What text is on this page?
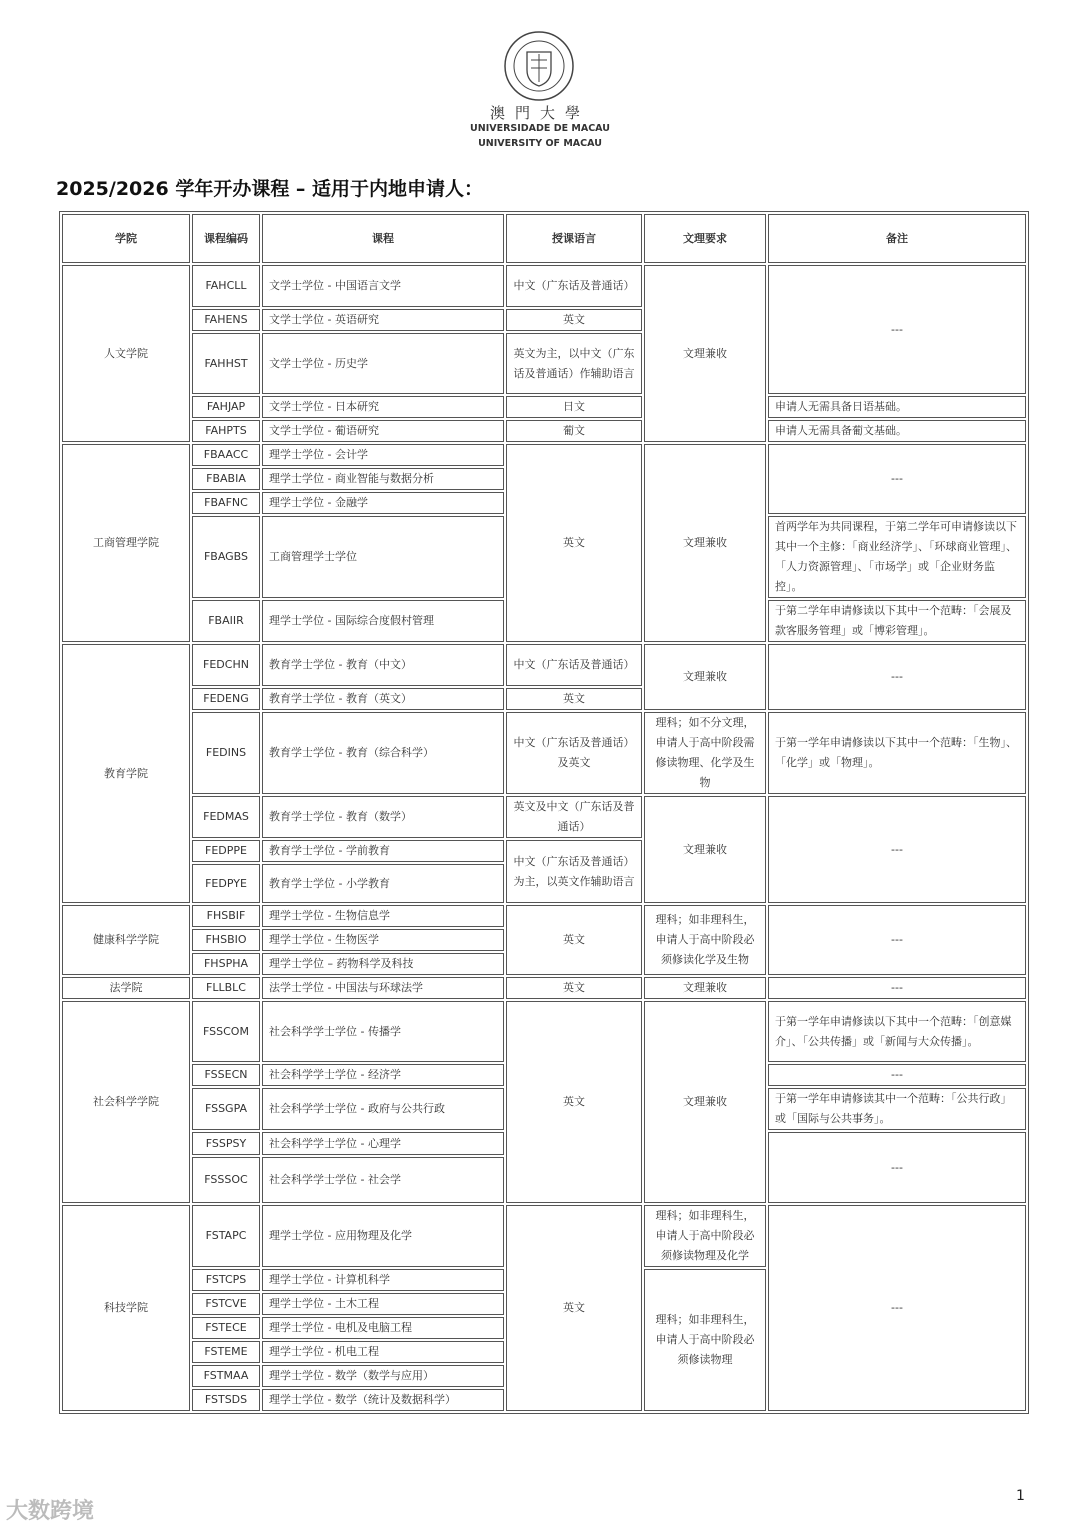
澳門大學
UNIVERSIDADE DE MACAU
UNIVERSITY OF MACAU
2025/2026 学年开办课程 – 适用于内地申请人：
学院	课程编码	课程	授课语言	文理要求	备注
人文学院	FAHCLL	文学士学位 - 中国语言文学	中文（广东话及普通话）	文理兼收	---
	FAHENS	文学士学位 - 英语研究	英文		
	FAHHST	文学士学位 - 历史学	英文为主，以中文（广东话及普通话）作辅助语言		
	FAHJAP	文学士学位 - 日本研究	日文		申请人无需具备日语基础。
	FAHPTS	文学士学位 - 葡语研究	葡文		申请人无需具备葡文基础。
工商管理学院	FBAACC	理学士学位 - 会计学	英文	文理兼收	---
	FBABIA	理学士学位 - 商业智能与数据分析			
	FBAFNC	理学士学位 - 金融学			
	FBAGBS	工商管理学士学位			首两学年为共同课程，于第二学年可申请修读以下其中一个主修：「商业经济学」、「环球商业管理」、「人力资源管理」、「市场学」或「企业财务监控」。
	FBAIIR	理学士学位 - 国际综合度假村管理			于第二学年申请修读以下其中一个范畴：「会展及款客服务管理」或「博彩管理」。
教育学院	FEDCHN	教育学士学位 - 教育（中文）	中文（广东话及普通话）	文理兼收	---
	FEDENG	教育学士学位 - 教育（英文）	英文		
	FEDINS	教育学士学位 - 教育（综合科学）	中文（广东话及普通话）及英文	理科；如不分文理，申请人于高中阶段需修读物理、化学及生物	于第一学年申请修读以下其中一个范畴：「生物」、「化学」或「物理」。
	FEDMAS	教育学士学位 - 教育（数学）	英文及中文（广东话及普通话）	文理兼收	---
	FEDPPE	教育学士学位 - 学前教育	中文（广东话及普通话）为主，以英文作辅助语言		
	FEDPYE	教育学士学位 - 小学教育			
健康科学学院	FHSBIF	理学士学位 - 生物信息学	英文	理科；如非理科生，申请人于高中阶段必须修读化学及生物	---
	FHSBIO	理学士学位 - 生物医学			
	FHSPHA	理学士学位 – 药物科学及科技			
法学院	FLLBLC	法学士学位 - 中国法与环球法学	英文	文理兼收	---
社会科学学院	FSSCOM	社会科学学士学位 - 传播学	英文	文理兼收	于第一学年申请修读以下其中一个范畴：「创意媒介」、「公共传播」或「新闻与大众传播」。
	FSSECN	社会科学学士学位 - 经济学			---
	FSSGPA	社会科学学士学位 - 政府与公共行政			于第一学年申请修读其中一个范畴：「公共行政」或「国际与公共事务」。
	FSSPSY	社会科学学士学位 - 心理学			---
	FSSSOC	社会科学学士学位 - 社会学			
科技学院	FSTAPC	理学士学位 - 应用物理及化学	英文	理科；如非理科生，申请人于高中阶段必须修读物理及化学	---
	FSTCPS	理学士学位 - 计算机科学		理科；如非理科生，申请人于高中阶段必须修读物理	
	FSTCVE	理学士学位 - 土木工程			
	FSTECE	理学士学位 - 电机及电脑工程			
	FSTEME	理学士学位 - 机电工程			
	FSTMAA	理学士学位 - 数学（数学与应用）			
	FSTSDS	理学士学位 - 数学（统计及数据科学）			
大数跨境
1
